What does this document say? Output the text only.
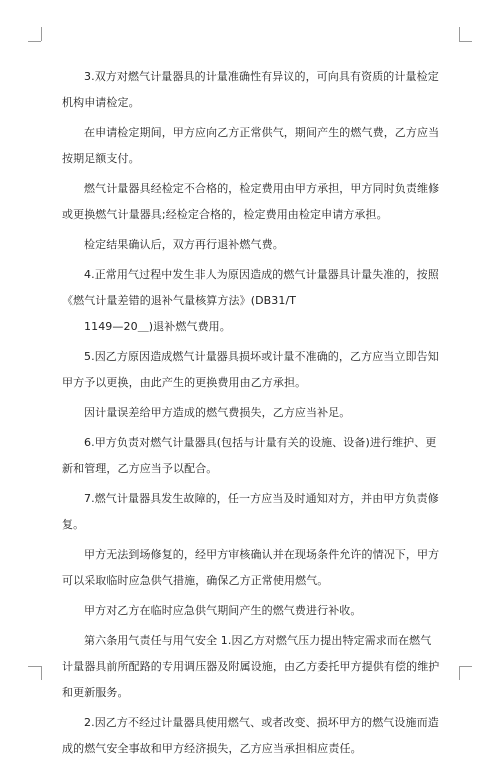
3.双方对燃气计量器具的计量准确性有异议的，可向具有资质的计量检定机构申请检定。

在申请检定期间，甲方应向乙方正常供气，期间产生的燃气费，乙方应当按期足额支付。

燃气计量器具经检定不合格的，检定费用由甲方承担，甲方同时负责维修或更换燃气计量器具;经检定合格的，检定费用由检定申请方承担。

检定结果确认后，双方再行退补燃气费。

4.正常用气过程中发生非人为原因造成的燃气计量器具计量失准的，按照《燃气计量差错的退补气量核算方法》(DB31/T

1149—20＿)退补燃气费用。

5.因乙方原因造成燃气计量器具损坏或计量不准确的，乙方应当立即告知甲方予以更换，由此产生的更换费用由乙方承担。

因计量误差给甲方造成的燃气费损失，乙方应当补足。

6.甲方负责对燃气计量器具(包括与计量有关的设施、设备)进行维护、更新和管理，乙方应当予以配合。

7.燃气计量器具发生故障的，任一方应当及时通知对方，并由甲方负责修复。

甲方无法到场修复的，经甲方审核确认并在现场条件允许的情况下，甲方可以采取临时应急供气措施，确保乙方正常使用燃气。

甲方对乙方在临时应急供气期间产生的燃气费进行补收。

第六条用气责任与用气安全 1.因乙方对燃气压力提出特定需求而在燃气计量器具前所配路的专用调压器及附属设施，由乙方委托甲方提供有偿的维护和更新服务。

2.因乙方不经过计量器具使用燃气、或者改变、损坏甲方的燃气设施而造成的燃气安全事故和甲方经济损失，乙方应当承担相应责任。
